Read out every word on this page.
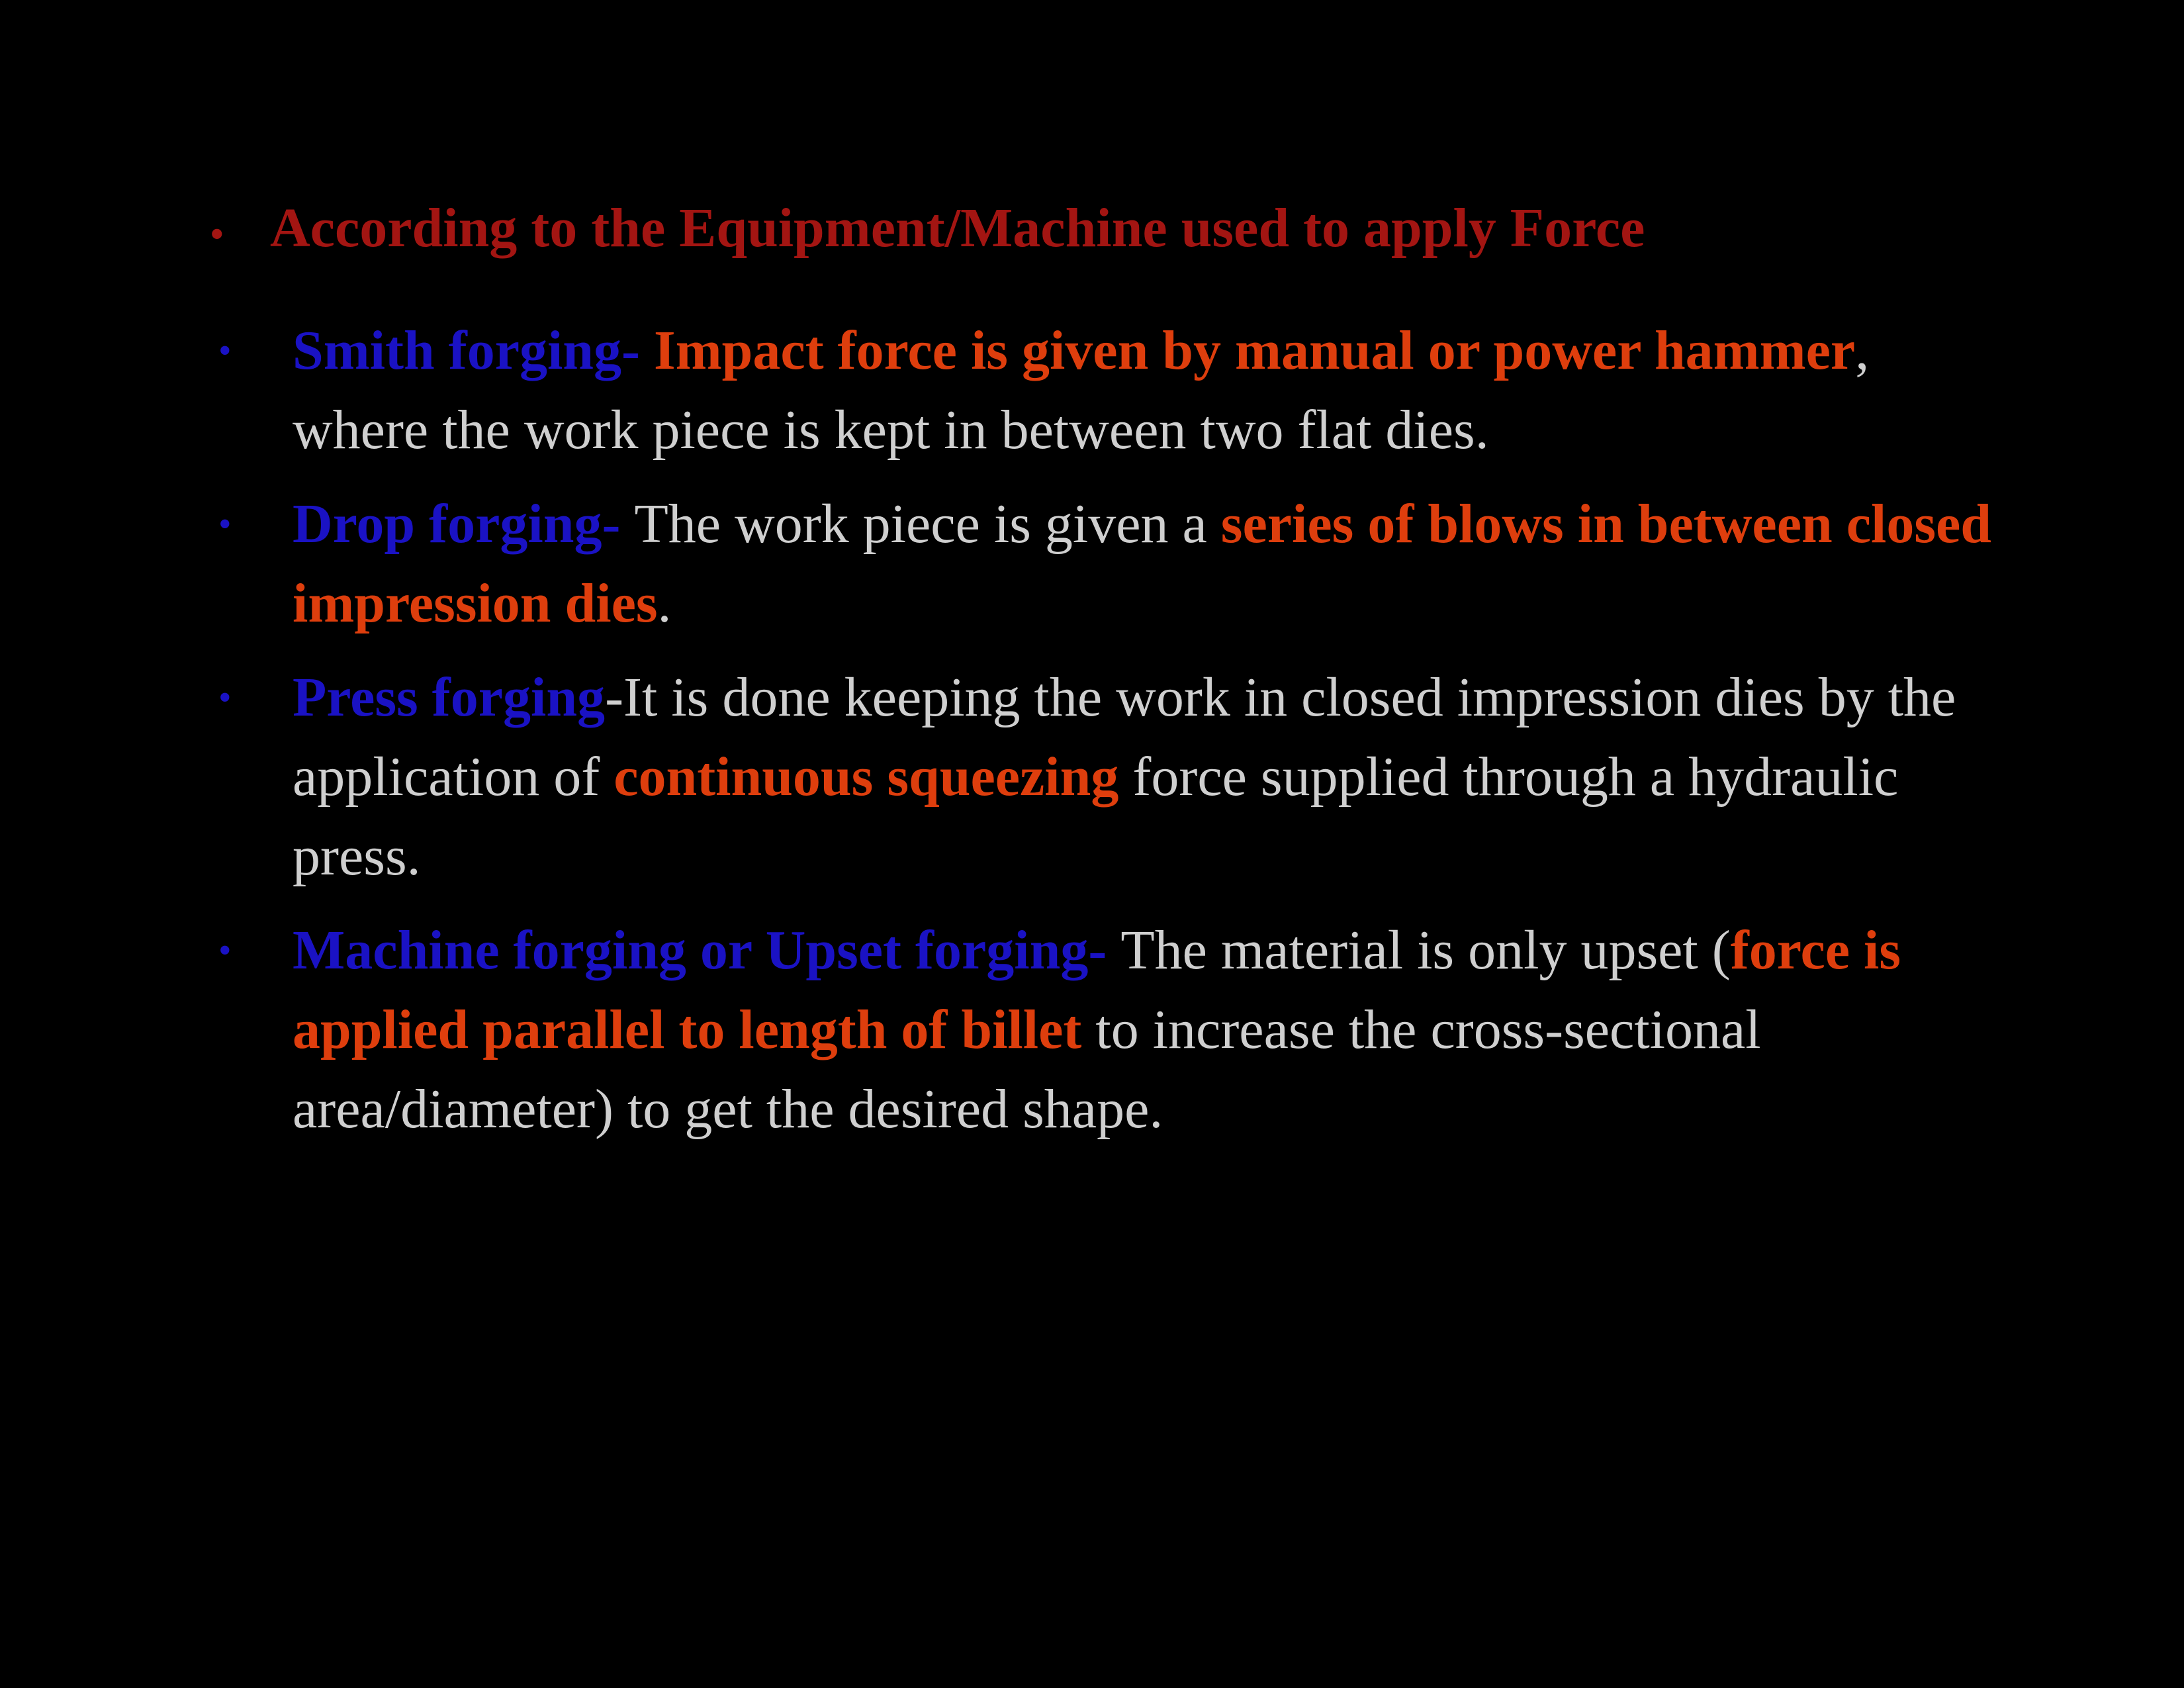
• According to the Equipment/Machine used to apply Force
• Smith forging- Impact force is given by manual or power hammer, where the work piece is kept in between two flat dies.
• Drop forging- The work piece is given a series of blows in between closed impression dies.
• Press forging-It is done keeping the work in closed impression dies by the application of continuous squeezing force supplied through a hydraulic press.
• Machine forging or Upset forging- The material is only upset (force is applied parallel to length of billet to increase the cross-sectional area/diameter) to get the desired shape.
